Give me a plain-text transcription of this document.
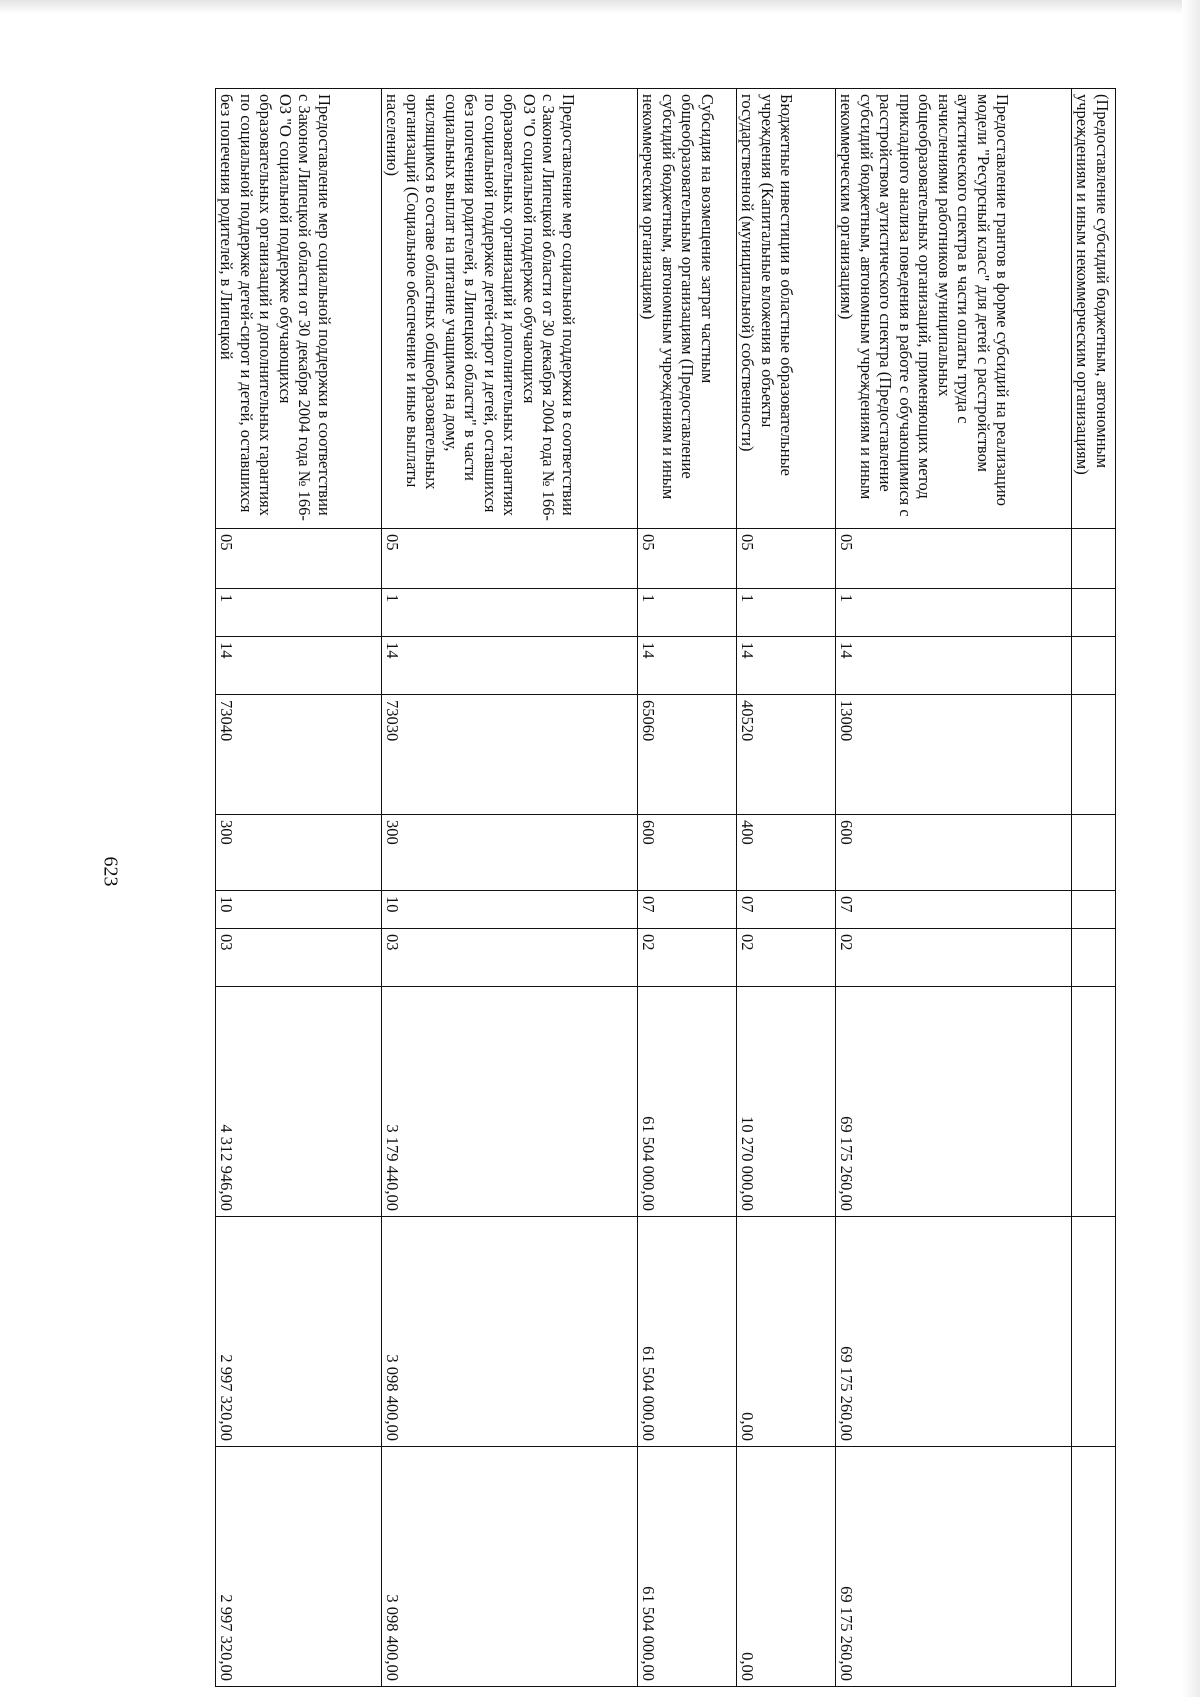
623
(Предоставление субсидий бюджетным, автономным учреждениям и иным некоммерческим организациям)										
Предоставление грантов в форме субсидий на реализацию модели "Ресурсный класс" для детей с расстройством аутистического спектра в части оплаты труда с начислениями работников муниципальных общеобразовательных организаций, применяющих метод прикладного анализа поведения в работе с обучающимися с расстройством аутистического спектра (Предоставление субсидий бюджетным, автономным учреждениям и иным некоммерческим организациям)	05	1	14	13000	600	07	02	69 175 260,00	69 175 260,00	69 175 260,00
Бюджетные инвестиции в областные образовательные учреждения (Капитальные вложения в объекты государственной (муниципальной) собственности)	05	1	14	40520	400	07	02	10 270 000,00	0,00	0,00
Субсидия на возмещение затрат частным общеобразовательным организациям (Предоставление субсидий бюджетным, автономным учреждениям и иным некоммерческим организациям)	05	1	14	65060	600	07	02	61 504 000,00	61 504 000,00	61 504 000,00
Предоставление мер социальной поддержки в соответствии с Законом Липецкой области от 30 декабря 2004 года № 166-ОЗ "О социальной поддержке обучающихся образовательных организаций и дополнительных гарантиях по социальной поддержке детей-сирот и детей, оставшихся без попечения родителей, в Липецкой области" в части социальных выплат на питание учащимся на дому, числящимся в составе областных общеобразовательных организаций (Социальное обеспечение и иные выплаты населению)	05	1	14	73030	300	10	03	3 179 440,00	3 098 400,00	3 098 400,00
Предоставление мер социальной поддержки в соответствии с Законом Липецкой области от 30 декабря 2004 года № 166-ОЗ "О социальной поддержке обучающихся образовательных организаций и дополнительных гарантиях по социальной поддержке детей-сирот и детей, оставшихся без попечения родителей, в Липецкой	05	1	14	73040	300	10	03	4 312 946,00	2 997 320,00	2 997 320,00
